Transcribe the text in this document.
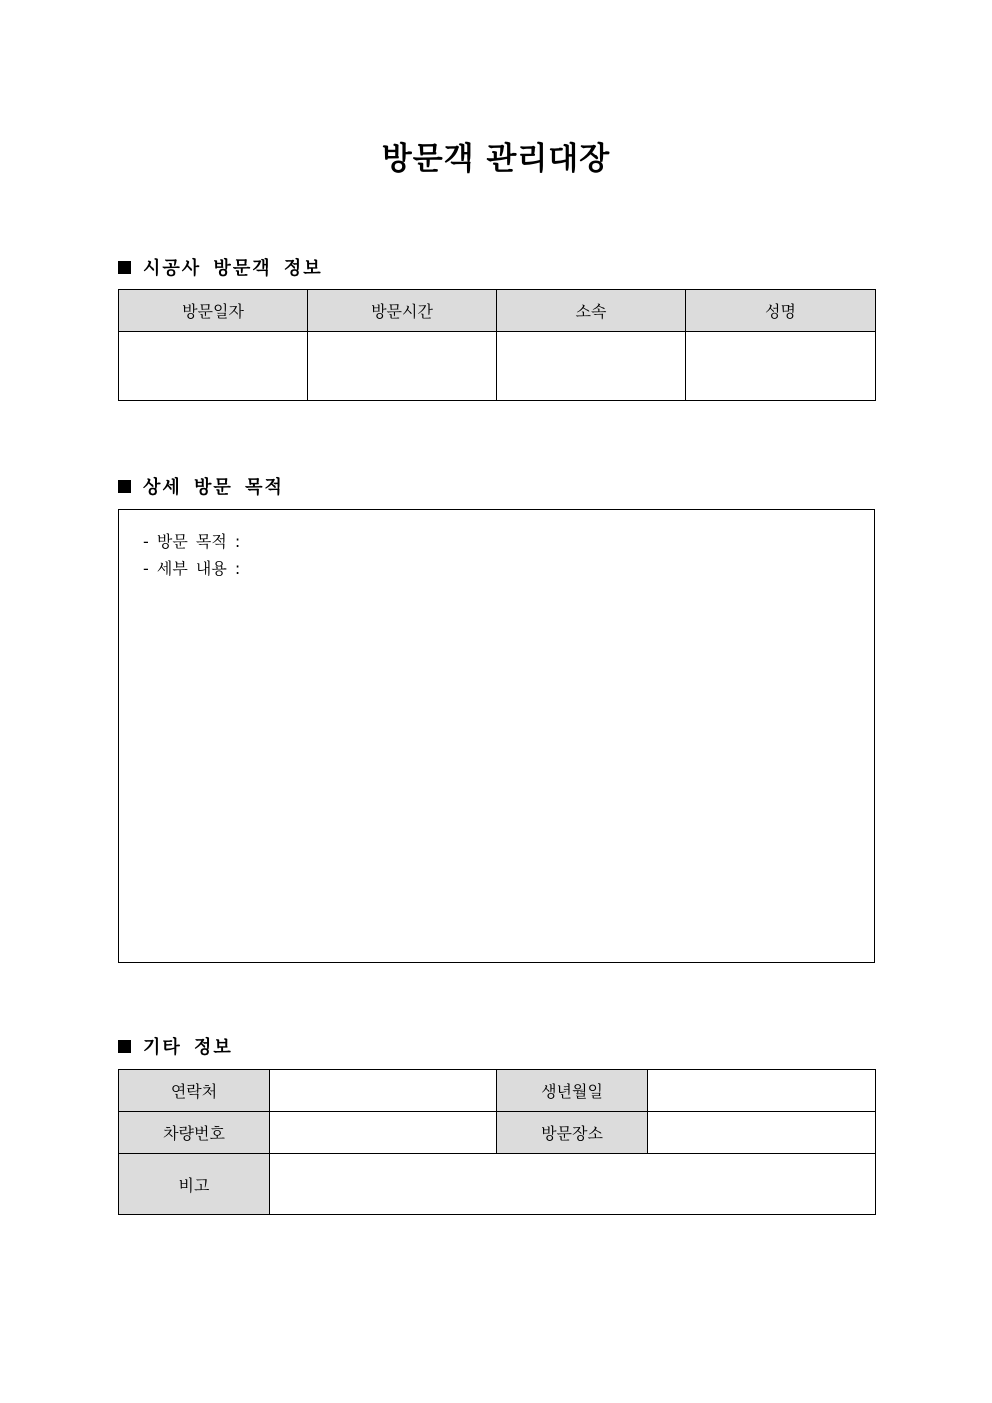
방문객 관리대장
시공사 방문객 정보
방문일자	방문시간	소속	성명

상세 방문 목적
- 방문 목적 :
- 세부 내용 :
기타 정보
연락처		생년월일	
차량번호		방문장소	
비고			
